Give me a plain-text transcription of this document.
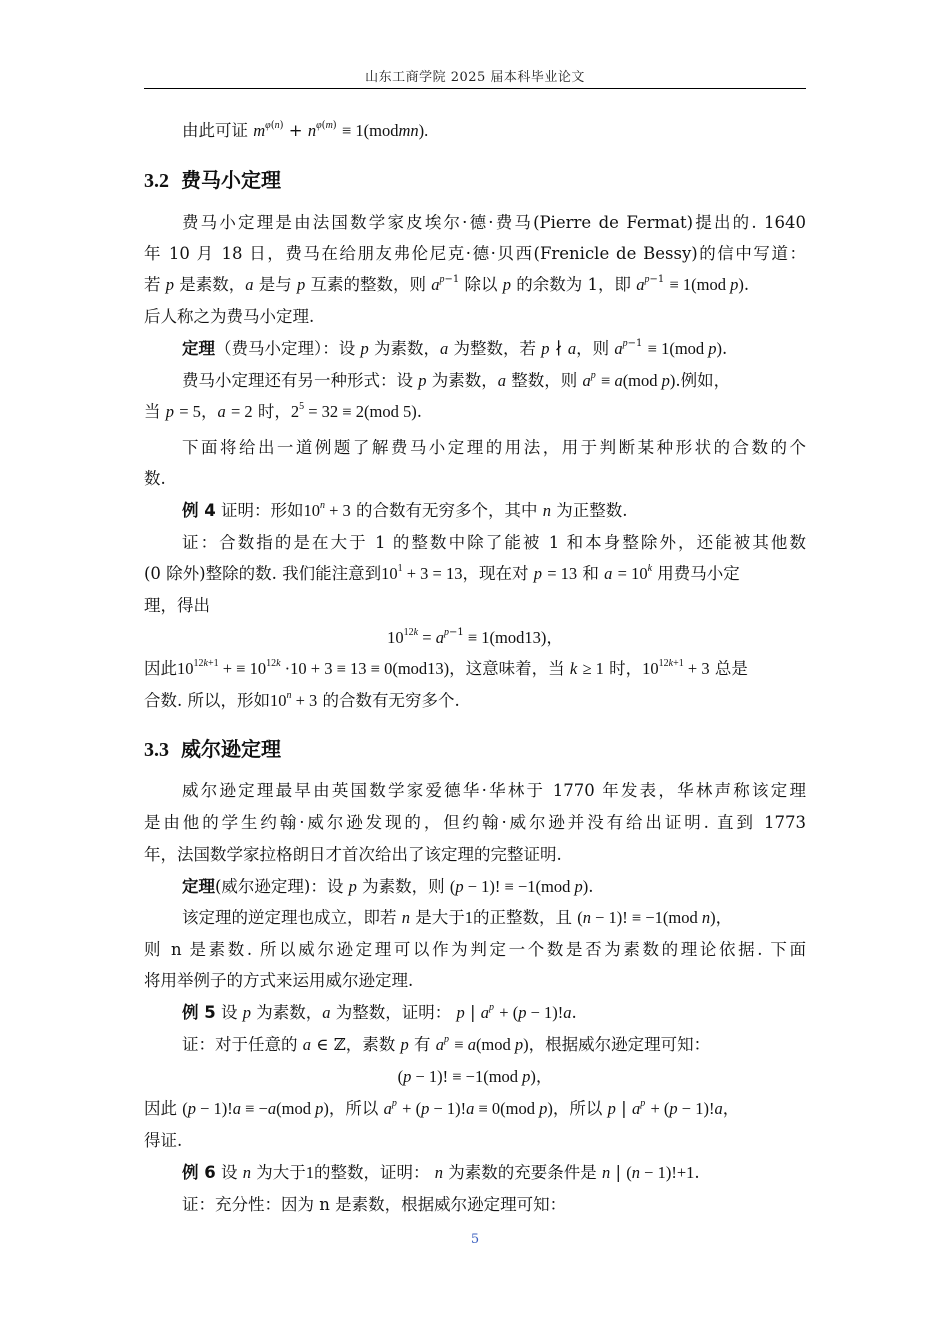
山东工商学院 2025 届本科毕业论文
由此可证 $m^{\varphi(n)} + n^{\varphi(m)}$ ≡ 1(modmn).
3.2 费马小定理
费马小定理是由法国数学家皮埃尔·德·费马(Pierre de Fermat)提出的. 1640
年 10 月 18 日，费马在给朋友弗伦尼克·德·贝西(Frenicle de Bessy)的信中写道：
若 p 是素数，a 是与 p 互素的整数，则 $a^{p-1}$ 除以 p 的余数为 1，即 $a^{p-1} \equiv 1(mod$ p).
后人称之为费马小定理.
定理（费马小定理）：设 p 为素数，a 为整数，若 p ∤ a，则 $a^{p-1} \equiv 1(mod$ p).
费马小定理还有另一种形式：设 p 为素数，a 整数，则 $a^p \equiv a(mod$ p).例如，
当 p = 5，a = 2 时，$2^5 = 32 \equiv 2(mod$ 5).
下面将给出一道例题了解费马小定理的用法，用于判断某种形状的合数的个
数.
例 4 证明：形如$10^n + 3$ 的合数有无穷多个，其中 n 为正整数.
证：合数指的是在大于 1 的整数中除了能被 1 和本身整除外，还能被其他数
(0 除外)整除的数. 我们能注意到$10^1 + 3 = 13$，现在对 p = 13 和 $a = 10^k$ 用费马小定
理，得出
$10^{12k} = a^{p-1} \equiv 1(mod13)$，
因此$10^{12k+1}$ + ≡ $10^{12k} \cdot 10 + 3 \equiv 13 \equiv 0(mod13)$，这意味着，当 k ≥ 1 时，$10^{12k+1} + 3$ 总是
合数. 所以，形如$10^n + 3$ 的合数有无穷多个.
3.3 威尔逊定理
威尔逊定理最早由英国数学家爱德华·华林于 1770 年发表，华林声称该定理
是由他的学生约翰·威尔逊发现的，但约翰·威尔逊并没有给出证明. 直到 1773
年，法国数学家拉格朗日才首次给出了该定理的完整证明.
定理(威尔逊定理)：设 p 为素数，则 (p − 1)! ≡ −1(mod p).
该定理的逆定理也成立，即若 n 是大于1的正整数，且 (n − 1)! ≡ −1(mod n)，
则 n 是素数. 所以威尔逊定理可以作为判定一个数是否为素数的理论依据. 下面
将用举例子的方式来运用威尔逊定理.
例 5 设 p 为素数，a 为整数，证明： p | $a^p + (p - 1)!a$.
证：对于任意的 a ∈ ℤ，素数 p 有 $a^p \equiv a(mod$ p)，根据威尔逊定理可知：
(p − 1)! ≡ −1(mod p)，
因此 (p − 1)!a ≡ −a(mod p)，所以 $a^p + (p - 1)!a \equiv 0(mod$ p)，所以 p | $a^p + (p - 1)!a$，
得证.
例 6 设 n 为大于1的整数，证明： n 为素数的充要条件是 n | (n − 1)!+1.
证：充分性：因为 n 是素数，根据威尔逊定理可知：
5
